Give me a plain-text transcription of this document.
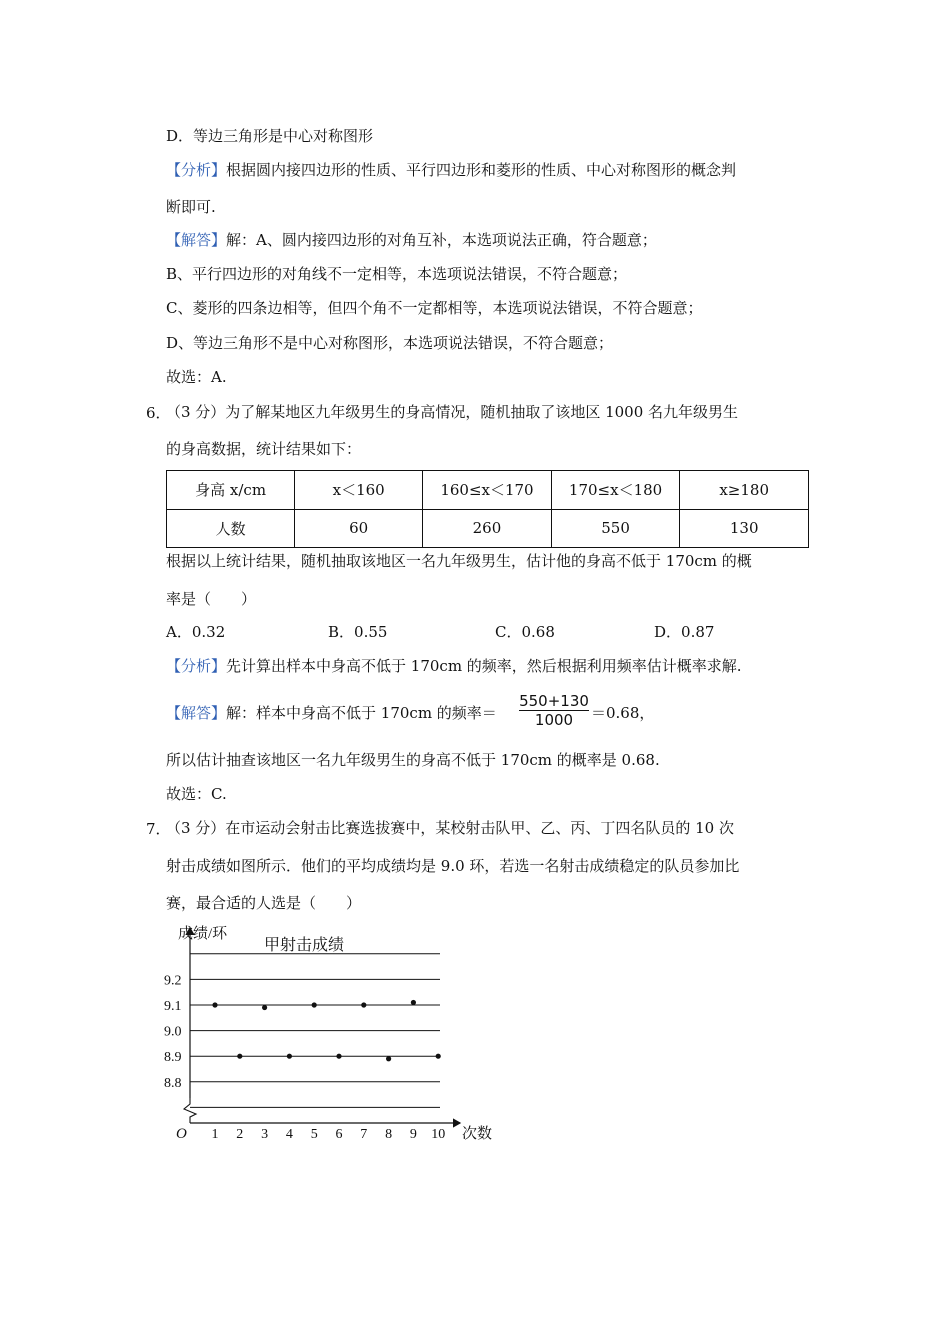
D．等边三角形是中心对称图形
【分析】根据圆内接四边形的性质、平行四边形和菱形的性质、中心对称图形的概念判
断即可.
【解答】解：A、圆内接四边形的对角互补，本选项说法正确，符合题意；
B、平行四边形的对角线不一定相等，本选项说法错误，不符合题意；
C、菱形的四条边相等，但四个角不一定都相等，本选项说法错误，不符合题意；
D、等边三角形不是中心对称图形，本选项说法错误，不符合题意；
故选：A.
6．
（3 分）为了解某地区九年级男生的身高情况，随机抽取了该地区 1000 名九年级男生
的身高数据，统计结果如下：
身高 x/cm	x＜160	160≤x＜170	170≤x＜180	x≥180
人数	60	260	550	130
根据以上统计结果，随机抽取该地区一名九年级男生，估计他的身高不低于 170cm 的概
率是（　　）
A．0.32	B．0.55	C．0.68	D．0.87
【分析】先计算出样本中身高不低于 170cm 的频率，然后根据利用频率估计概率求解.
【解答】解：样本中身高不低于 170cm 的频率＝ $\frac{550+130}{1000} =0.68$，
所以估计抽查该地区一名九年级男生的身高不低于 170cm 的概率是 0.68.
故选：C.
7．
（3 分）在市运动会射击比赛选拔赛中，某校射击队甲、乙、丙、丁四名队员的 10 次
射击成绩如图所示．他们的平均成绩均是 9.0 环，若选一名射击成绩稳定的队员参加比
赛，最合适的人选是（　　）
8.8
8.9
9.0
9.1
9.2
1 2 3 4 5 6 7 8 9 10
甲射击成绩
成绩/环
次数
O
